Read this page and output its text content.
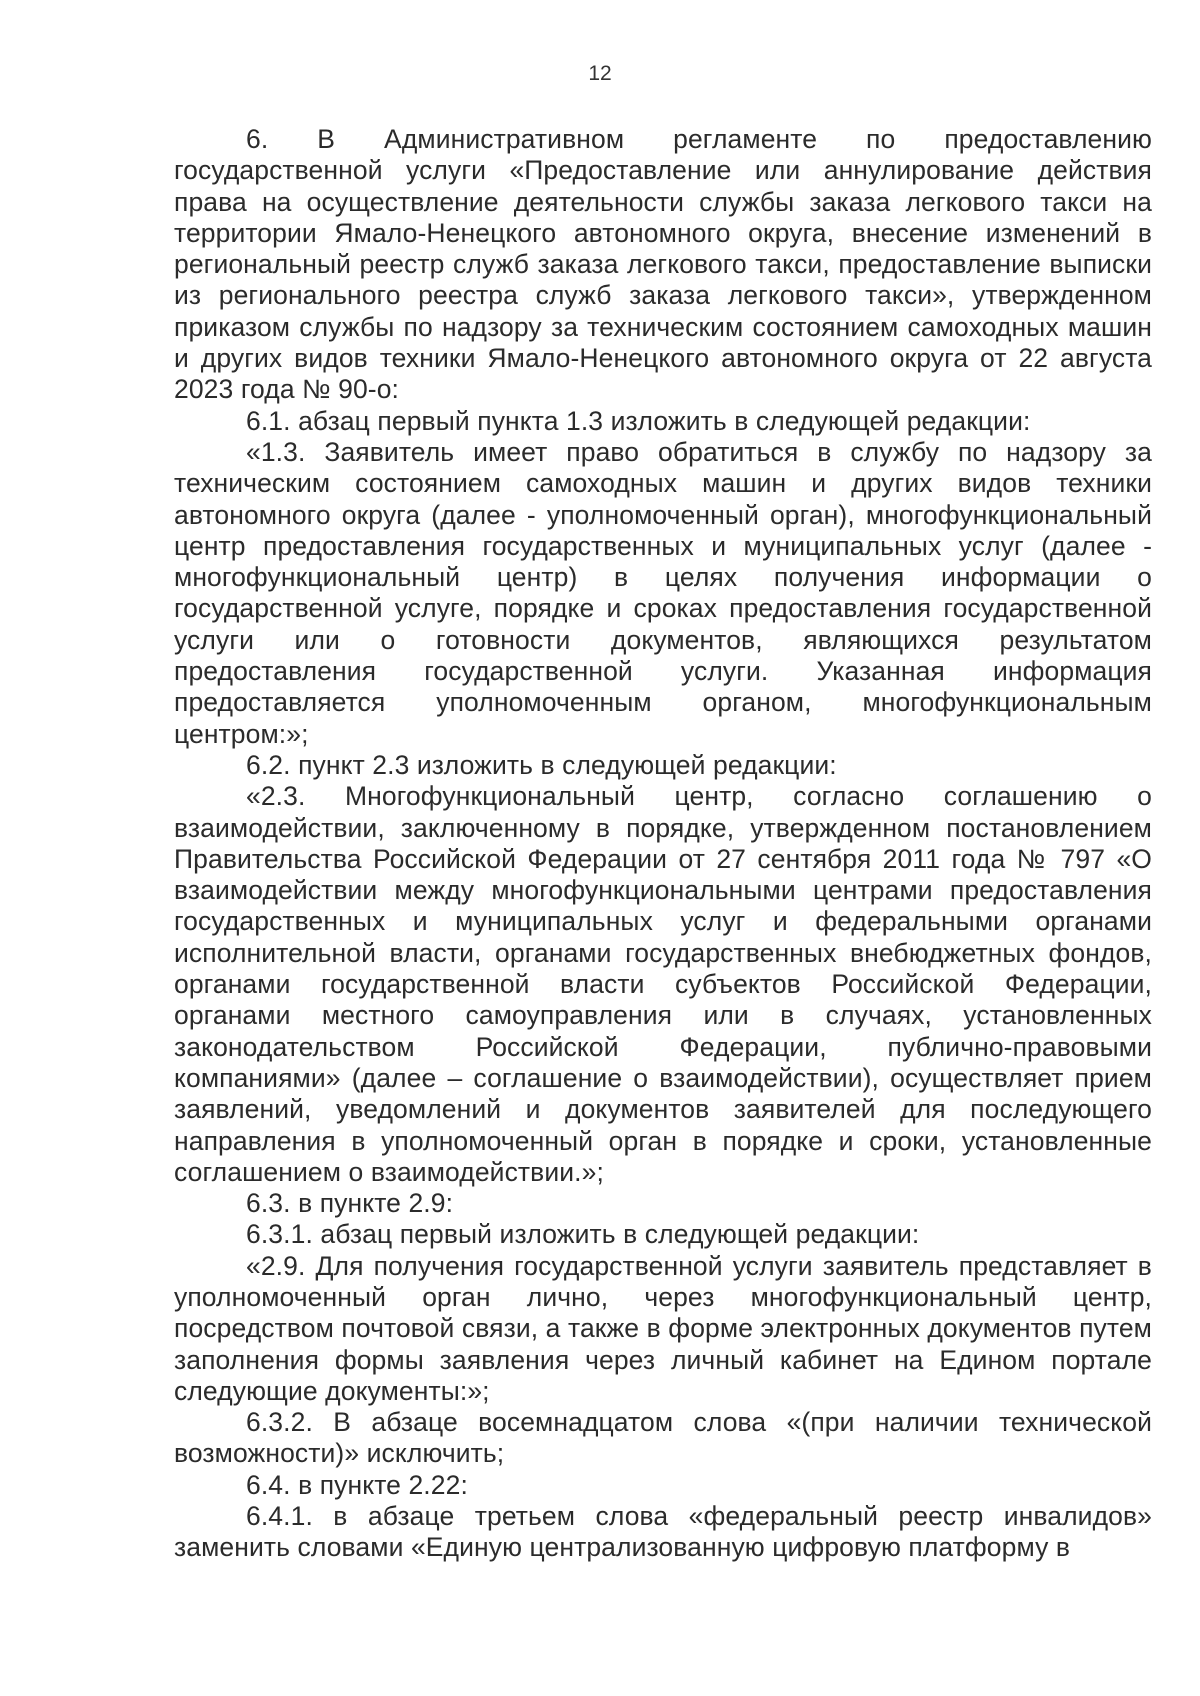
12

6. В Административном регламенте по предоставлению государственной услуги «Предоставление или аннулирование действия права на осуществление деятельности службы заказа легкового такси на территории Ямало-Ненецкого автономного округа, внесение изменений в региональный реестр служб заказа легкового такси, предоставление выписки из регионального реестра служб заказа легкового такси», утвержденном приказом службы по надзору за техническим состоянием самоходных машин и других видов техники Ямало-Ненецкого автономного округа от 22 августа 2023 года № 90-о:

6.1. абзац первый пункта 1.3 изложить в следующей редакции:

«1.3. Заявитель имеет право обратиться в службу по надзору за техническим состоянием самоходных машин и других видов техники автономного округа (далее - уполномоченный орган), многофункциональный центр предоставления государственных и муниципальных услуг (далее - многофункциональный центр) в целях получения информации о государственной услуге, порядке и сроках предоставления государственной услуги или о готовности документов, являющихся результатом предоставления государственной услуги. Указанная информация предоставляется уполномоченным органом, многофункциональным центром:»;

6.2. пункт 2.3 изложить в следующей редакции:

«2.3. Многофункциональный центр, согласно соглашению о взаимодействии, заключенному в порядке, утвержденном постановлением Правительства Российской Федерации от 27 сентября 2011 года № 797 «О взаимодействии между многофункциональными центрами предоставления государственных и муниципальных услуг и федеральными органами исполнительной власти, органами государственных внебюджетных фондов, органами государственной власти субъектов Российской Федерации, органами местного самоуправления или в случаях, установленных законодательством Российской Федерации, публично-правовыми компаниями» (далее – соглашение о взаимодействии), осуществляет прием заявлений, уведомлений и документов заявителей для последующего направления в уполномоченный орган в порядке и сроки, установленные соглашением о взаимодействии.»;

6.3. в пункте 2.9:

6.3.1. абзац первый изложить в следующей редакции:

«2.9. Для получения государственной услуги заявитель представляет в уполномоченный орган лично, через многофункциональный центр, посредством почтовой связи, а также в форме электронных документов путем заполнения формы заявления через личный кабинет на Едином портале следующие документы:»;

6.3.2. В абзаце восемнадцатом слова «(при наличии технической возможности)» исключить;

6.4. в пункте 2.22:

6.4.1. в абзаце третьем слова «федеральный реестр инвалидов» заменить словами «Единую централизованную цифровую платформу в
